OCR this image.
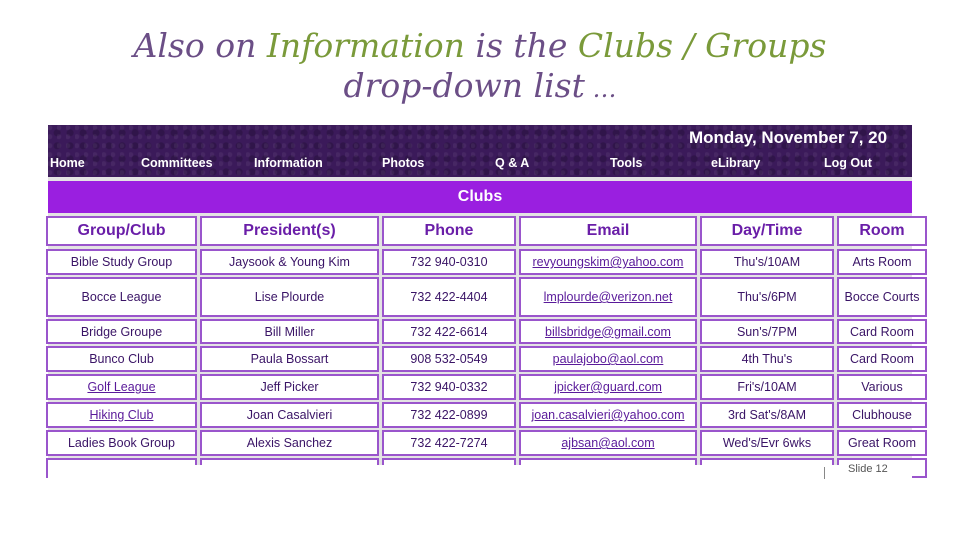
Also on Information is the Clubs / Groups
drop-down list …
Monday, November 7, 20
Home	Committees	Information	Photos	Q & A	Tools	eLibrary	Log Out
Clubs
Group/Club	President(s)	Phone	Email	Day/Time	Room
Bible Study Group	Jaysook & Young Kim	732 940-0310	revyoungskim@yahoo.com	Thu's/10AM	Arts Room
Bocce League	Lise Plourde	732 422-4404	lmplourde@verizon.net	Thu's/6PM	Bocce Courts
Bridge Groupe	Bill Miller	732 422-6614	billsbridge@gmail.com	Sun's/7PM	Card Room
Bunco Club	Paula Bossart	908 532-0549	paulajobo@aol.com	4th Thu's	Card Room
Golf League	Jeff Picker	732 940-0332	jpicker@guard.com	Fri's/10AM	Various
Hiking Club	Joan Casalvieri	732 422-0899	joan.casalvieri@yahoo.com	3rd Sat's/8AM	Clubhouse
Ladies Book Group	Alexis Sanchez	732 422-7274	ajbsan@aol.com	Wed's/Evr 6wks	Great Room
Slide 12
